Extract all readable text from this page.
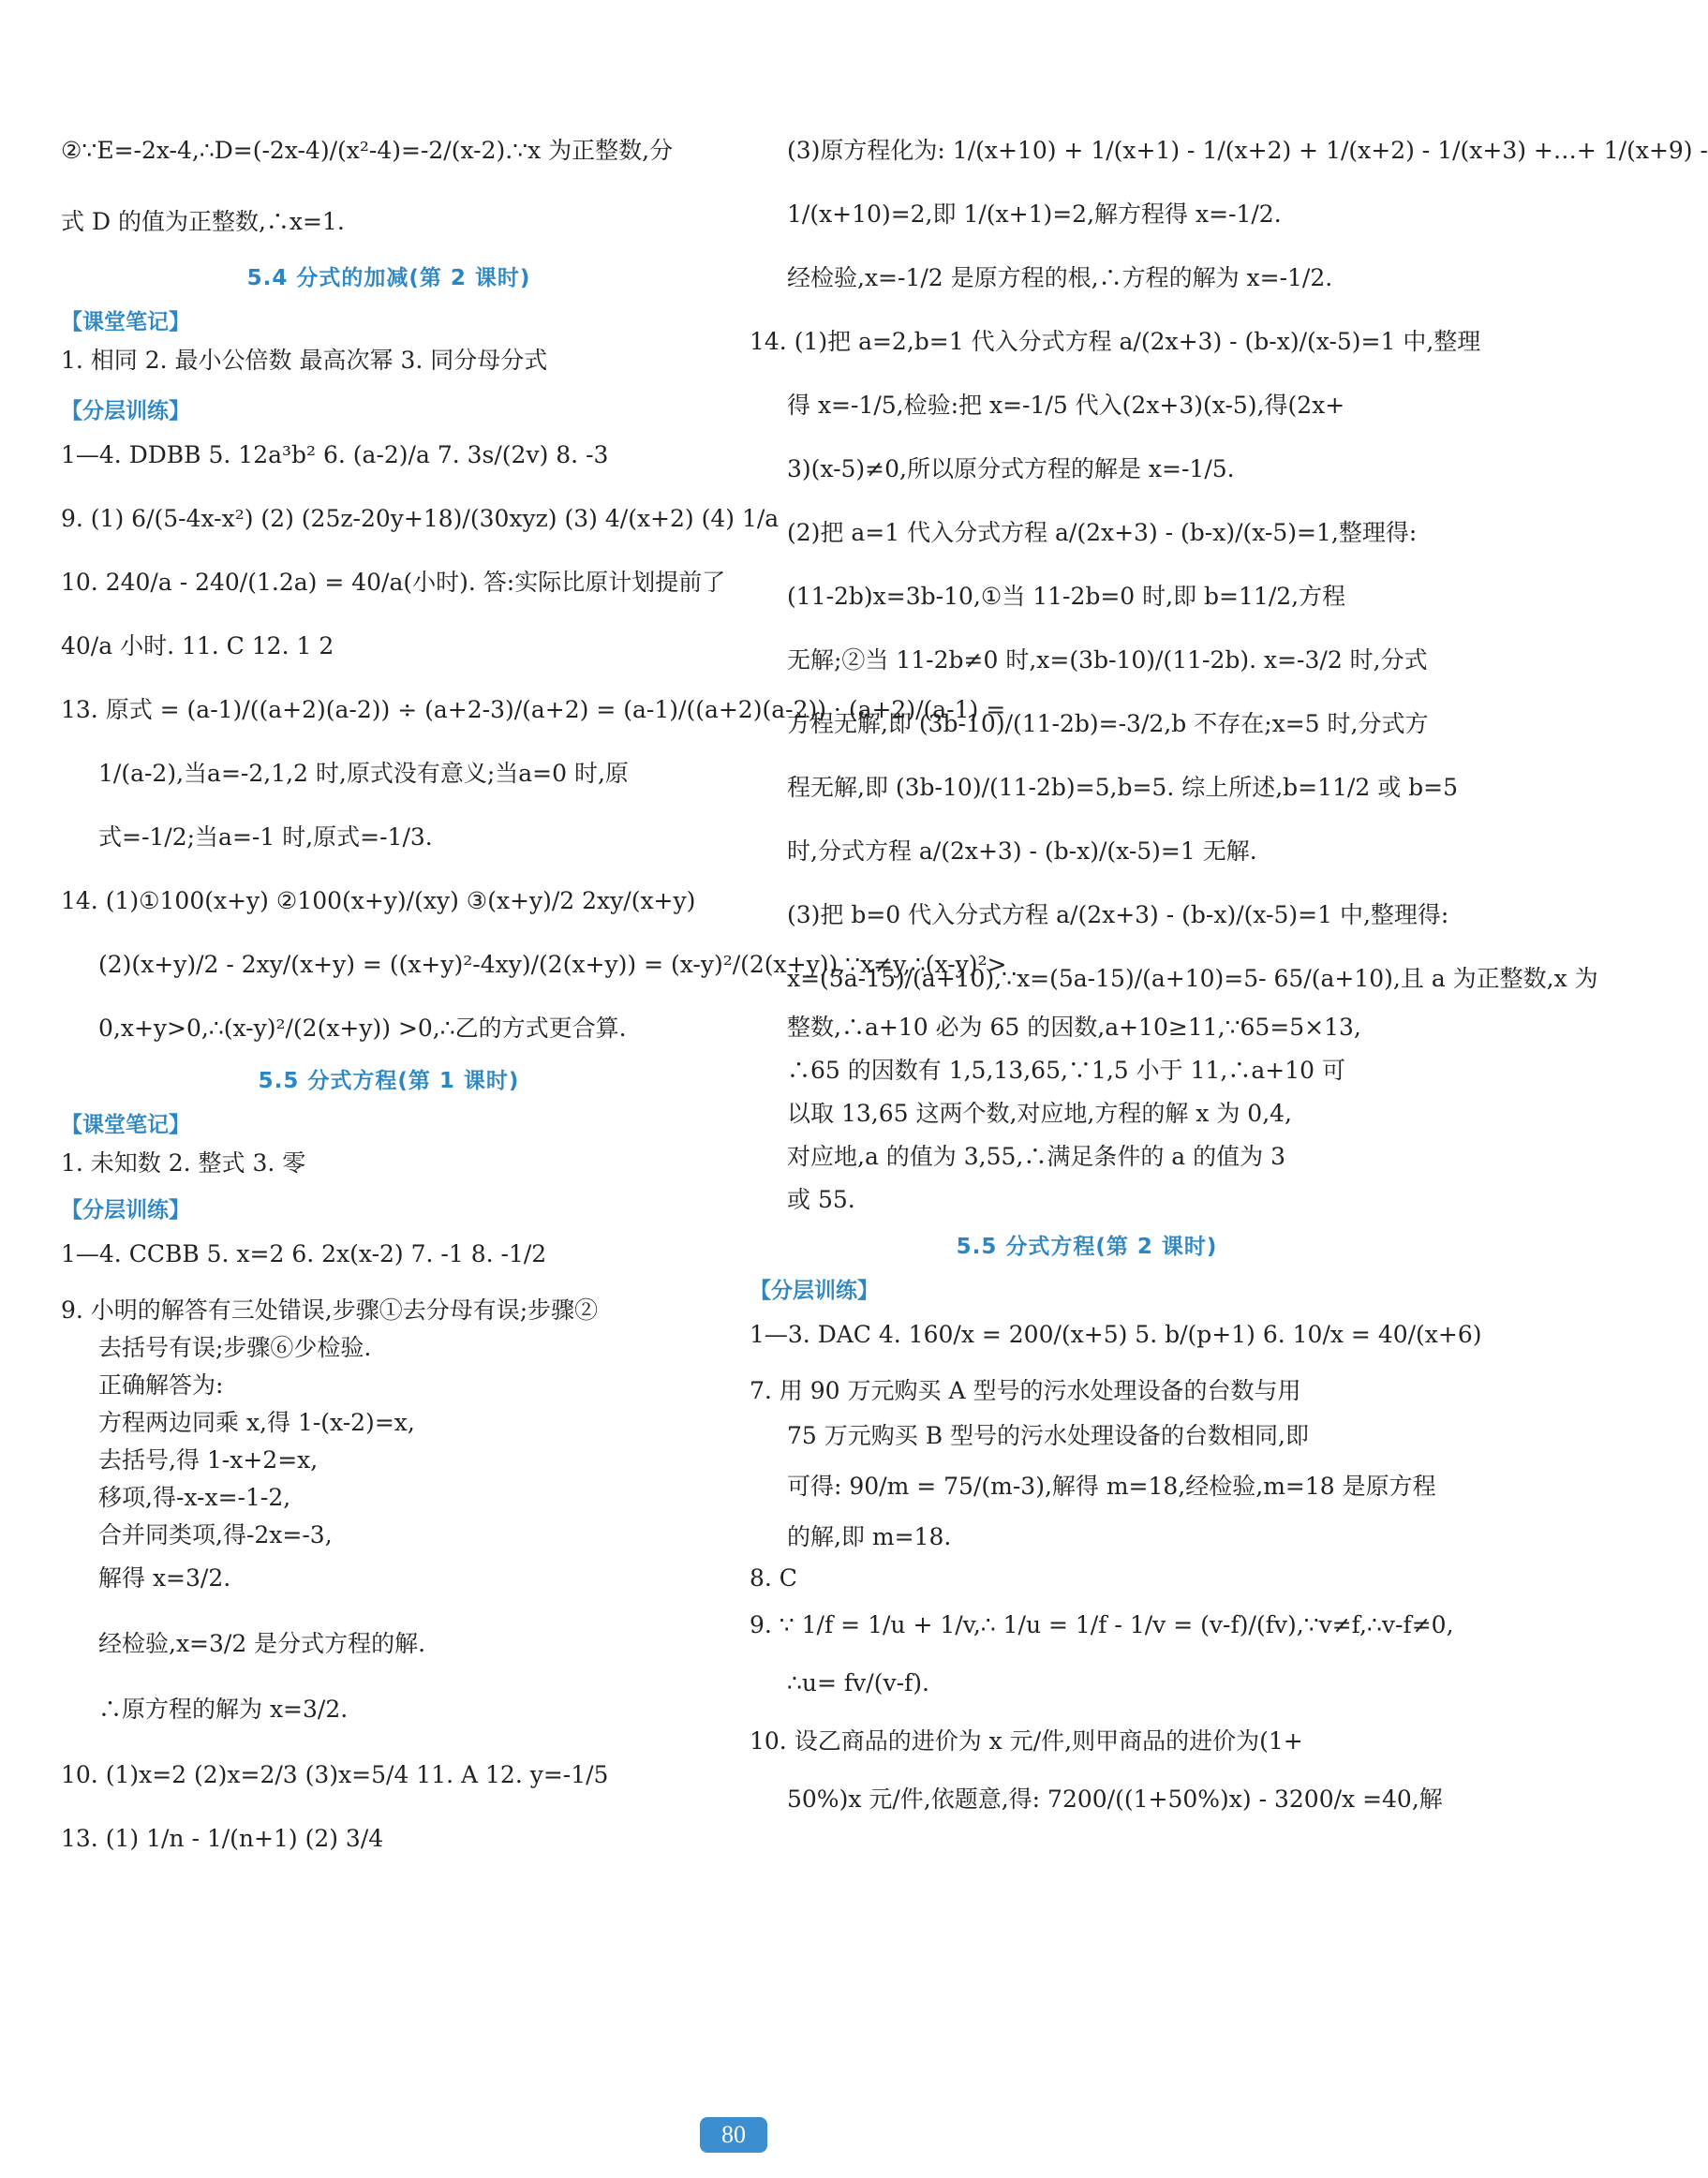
②∵E=-2x-4,∴D=(-2x-4)/(x²-4)=-2/(x-2).∵x 为正整数,分
式 D 的值为正整数,∴x=1.
5.4 分式的加减(第 2 课时)
【课堂笔记】
1. 相同 2. 最小公倍数 最高次幂 3. 同分母分式
【分层训练】
1—4. DDBB 5. 12a³b² 6. (a-2)/a 7. 3s/(2v) 8. -3
9. (1) 6/(5-4x-x²) (2) (25z-20y+18)/(30xyz) (3) 4/(x+2) (4) 1/a
10. 240/a - 240/(1.2a) = 40/a(小时). 答:实际比原计划提前了
40/a 小时. 11. C 12. 1 2
13. 原式 = (a-1)/((a+2)(a-2)) ÷ (a+2-3)/(a+2) = (a-1)/((a+2)(a-2)) · (a+2)/(a-1) =
1/(a-2),当a=-2,1,2 时,原式没有意义;当a=0 时,原
式=-1/2;当a=-1 时,原式=-1/3.
14. (1)①100(x+y) ②100(x+y)/(xy) ③(x+y)/2 2xy/(x+y)
(2)(x+y)/2 - 2xy/(x+y) = ((x+y)²-4xy)/(2(x+y)) = (x-y)²/(2(x+y)),∵x≠y,∴(x-y)²>
0,x+y>0,∴(x-y)²/(2(x+y)) >0,∴乙的方式更合算.
5.5 分式方程(第 1 课时)
【课堂笔记】
1. 未知数 2. 整式 3. 零
【分层训练】
1—4. CCBB 5. x=2 6. 2x(x-2) 7. -1 8. -1/2
9. 小明的解答有三处错误,步骤①去分母有误;步骤②
去括号有误;步骤⑥少检验.
正确解答为:
方程两边同乘 x,得 1-(x-2)=x,
去括号,得 1-x+2=x,
移项,得-x-x=-1-2,
合并同类项,得-2x=-3,
解得 x=3/2.
经检验,x=3/2 是分式方程的解.
∴原方程的解为 x=3/2.
10. (1)x=2 (2)x=2/3 (3)x=5/4 11. A 12. y=-1/5
13. (1) 1/n - 1/(n+1) (2) 3/4
(3)原方程化为: 1/(x+10) + 1/(x+1) - 1/(x+2) + 1/(x+2) - 1/(x+3) +…+ 1/(x+9) -
1/(x+10)=2,即 1/(x+1)=2,解方程得 x=-1/2.
经检验,x=-1/2 是原方程的根,∴方程的解为 x=-1/2.
14. (1)把 a=2,b=1 代入分式方程 a/(2x+3) - (b-x)/(x-5)=1 中,整理
得 x=-1/5,检验:把 x=-1/5 代入(2x+3)(x-5),得(2x+
3)(x-5)≠0,所以原分式方程的解是 x=-1/5.
(2)把 a=1 代入分式方程 a/(2x+3) - (b-x)/(x-5)=1,整理得:
(11-2b)x=3b-10,①当 11-2b=0 时,即 b=11/2,方程
无解;②当 11-2b≠0 时,x=(3b-10)/(11-2b). x=-3/2 时,分式
方程无解,即 (3b-10)/(11-2b)=-3/2,b 不存在;x=5 时,分式方
程无解,即 (3b-10)/(11-2b)=5,b=5. 综上所述,b=11/2 或 b=5
时,分式方程 a/(2x+3) - (b-x)/(x-5)=1 无解.
(3)把 b=0 代入分式方程 a/(2x+3) - (b-x)/(x-5)=1 中,整理得:
x=(5a-15)/(a+10),∵x=(5a-15)/(a+10)=5- 65/(a+10),且 a 为正整数,x 为
整数,∴a+10 必为 65 的因数,a+10≥11,∵65=5×13,
∴65 的因数有 1,5,13,65,∵1,5 小于 11,∴a+10 可
以取 13,65 这两个数,对应地,方程的解 x 为 0,4,
对应地,a 的值为 3,55,∴满足条件的 a 的值为 3
或 55.
5.5 分式方程(第 2 课时)
【分层训练】
1—3. DAC 4. 160/x = 200/(x+5) 5. b/(p+1) 6. 10/x = 40/(x+6)
7. 用 90 万元购买 A 型号的污水处理设备的台数与用
75 万元购买 B 型号的污水处理设备的台数相同,即
可得: 90/m = 75/(m-3),解得 m=18,经检验,m=18 是原方程
的解,即 m=18.
8. C
9. ∵ 1/f = 1/u + 1/v,∴ 1/u = 1/f - 1/v = (v-f)/(fv),∵v≠f,∴v-f≠0,
∴u= fv/(v-f).
10. 设乙商品的进价为 x 元/件,则甲商品的进价为(1+
50%)x 元/件,依题意,得: 7200/((1+50%)x) - 3200/x =40,解
80
